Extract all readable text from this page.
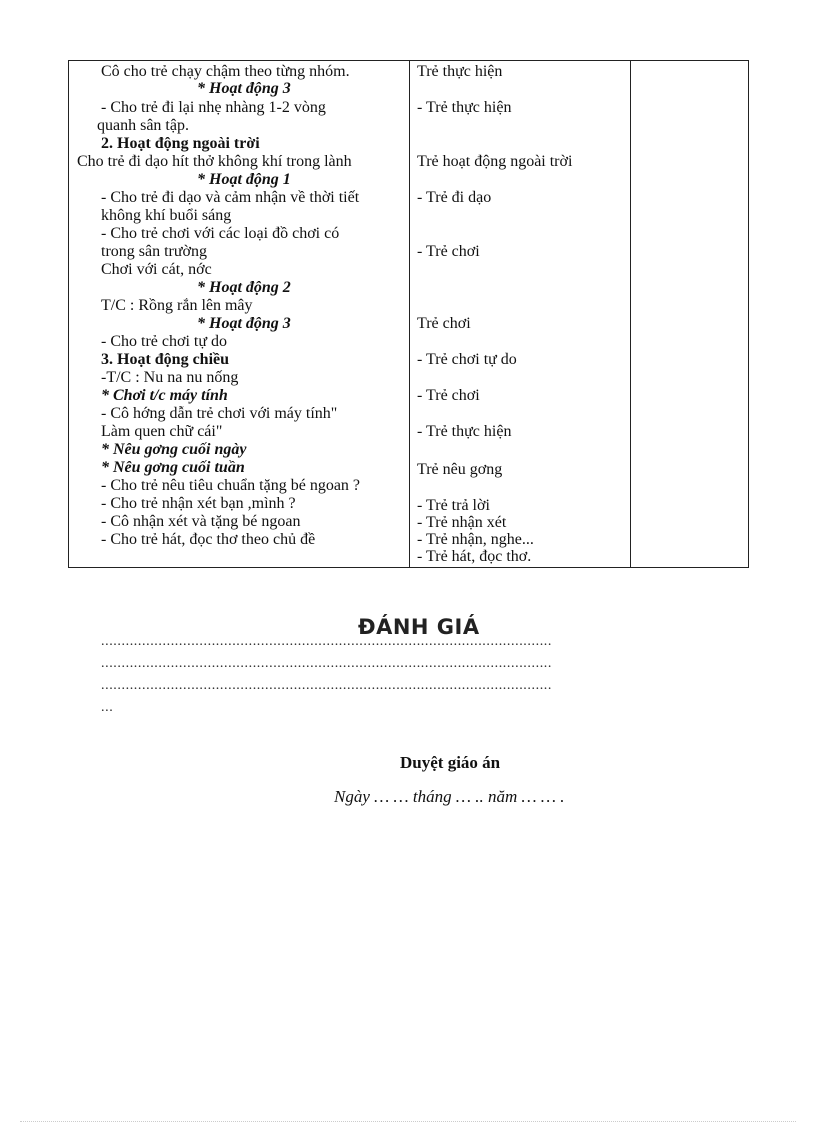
Cô cho trẻ chạy chậm theo từng nhóm.
* Hoạt động 3
- Cho trẻ đi lại nhẹ nhàng 1-2 vòng
quanh sân tập.
2. Hoạt động ngoài trời
Cho trẻ đi dạo hít thở không khí trong lành
* Hoạt động 1
- Cho trẻ đi dạo và cảm nhận về thời tiết
không khí buổi sáng
- Cho trẻ chơi với các loại đồ chơi có
trong sân trường
Chơi với cát, nớc
* Hoạt động 2
T/C : Rồng rắn lên mây
* Hoạt động 3
- Cho trẻ chơi tự do
3. Hoạt động chiều
-T/C : Nu na nu nống
* Chơi t/c máy tính
- Cô hớng dẫn trẻ chơi với máy tính"
Làm quen chữ cái"
* Nêu gơng cuối ngày
* Nêu gơng cuối tuần
- Cho trẻ nêu tiêu chuẩn tặng bé ngoan ?
- Cho trẻ nhận xét bạn ,mình ?
- Cô nhận xét và tặng bé ngoan
- Cho trẻ hát, đọc thơ theo chủ đề
Trẻ thực hiện
- Trẻ thực hiện
Trẻ hoạt động ngoài trời
- Trẻ đi dạo
- Trẻ chơi
Trẻ chơi
- Trẻ chơi tự do
- Trẻ chơi
- Trẻ thực hiện
Trẻ nêu gơng
- Trẻ trả lời
- Trẻ nhận xét
- Trẻ nhận, nghe...
- Trẻ hát, đọc thơ.
ĐÁNH GIÁ
..............................................................................................................
..............................................................................................................
..............................................................................................................
...
Duyệt giáo án
Ngày … … tháng … .. năm … … .
